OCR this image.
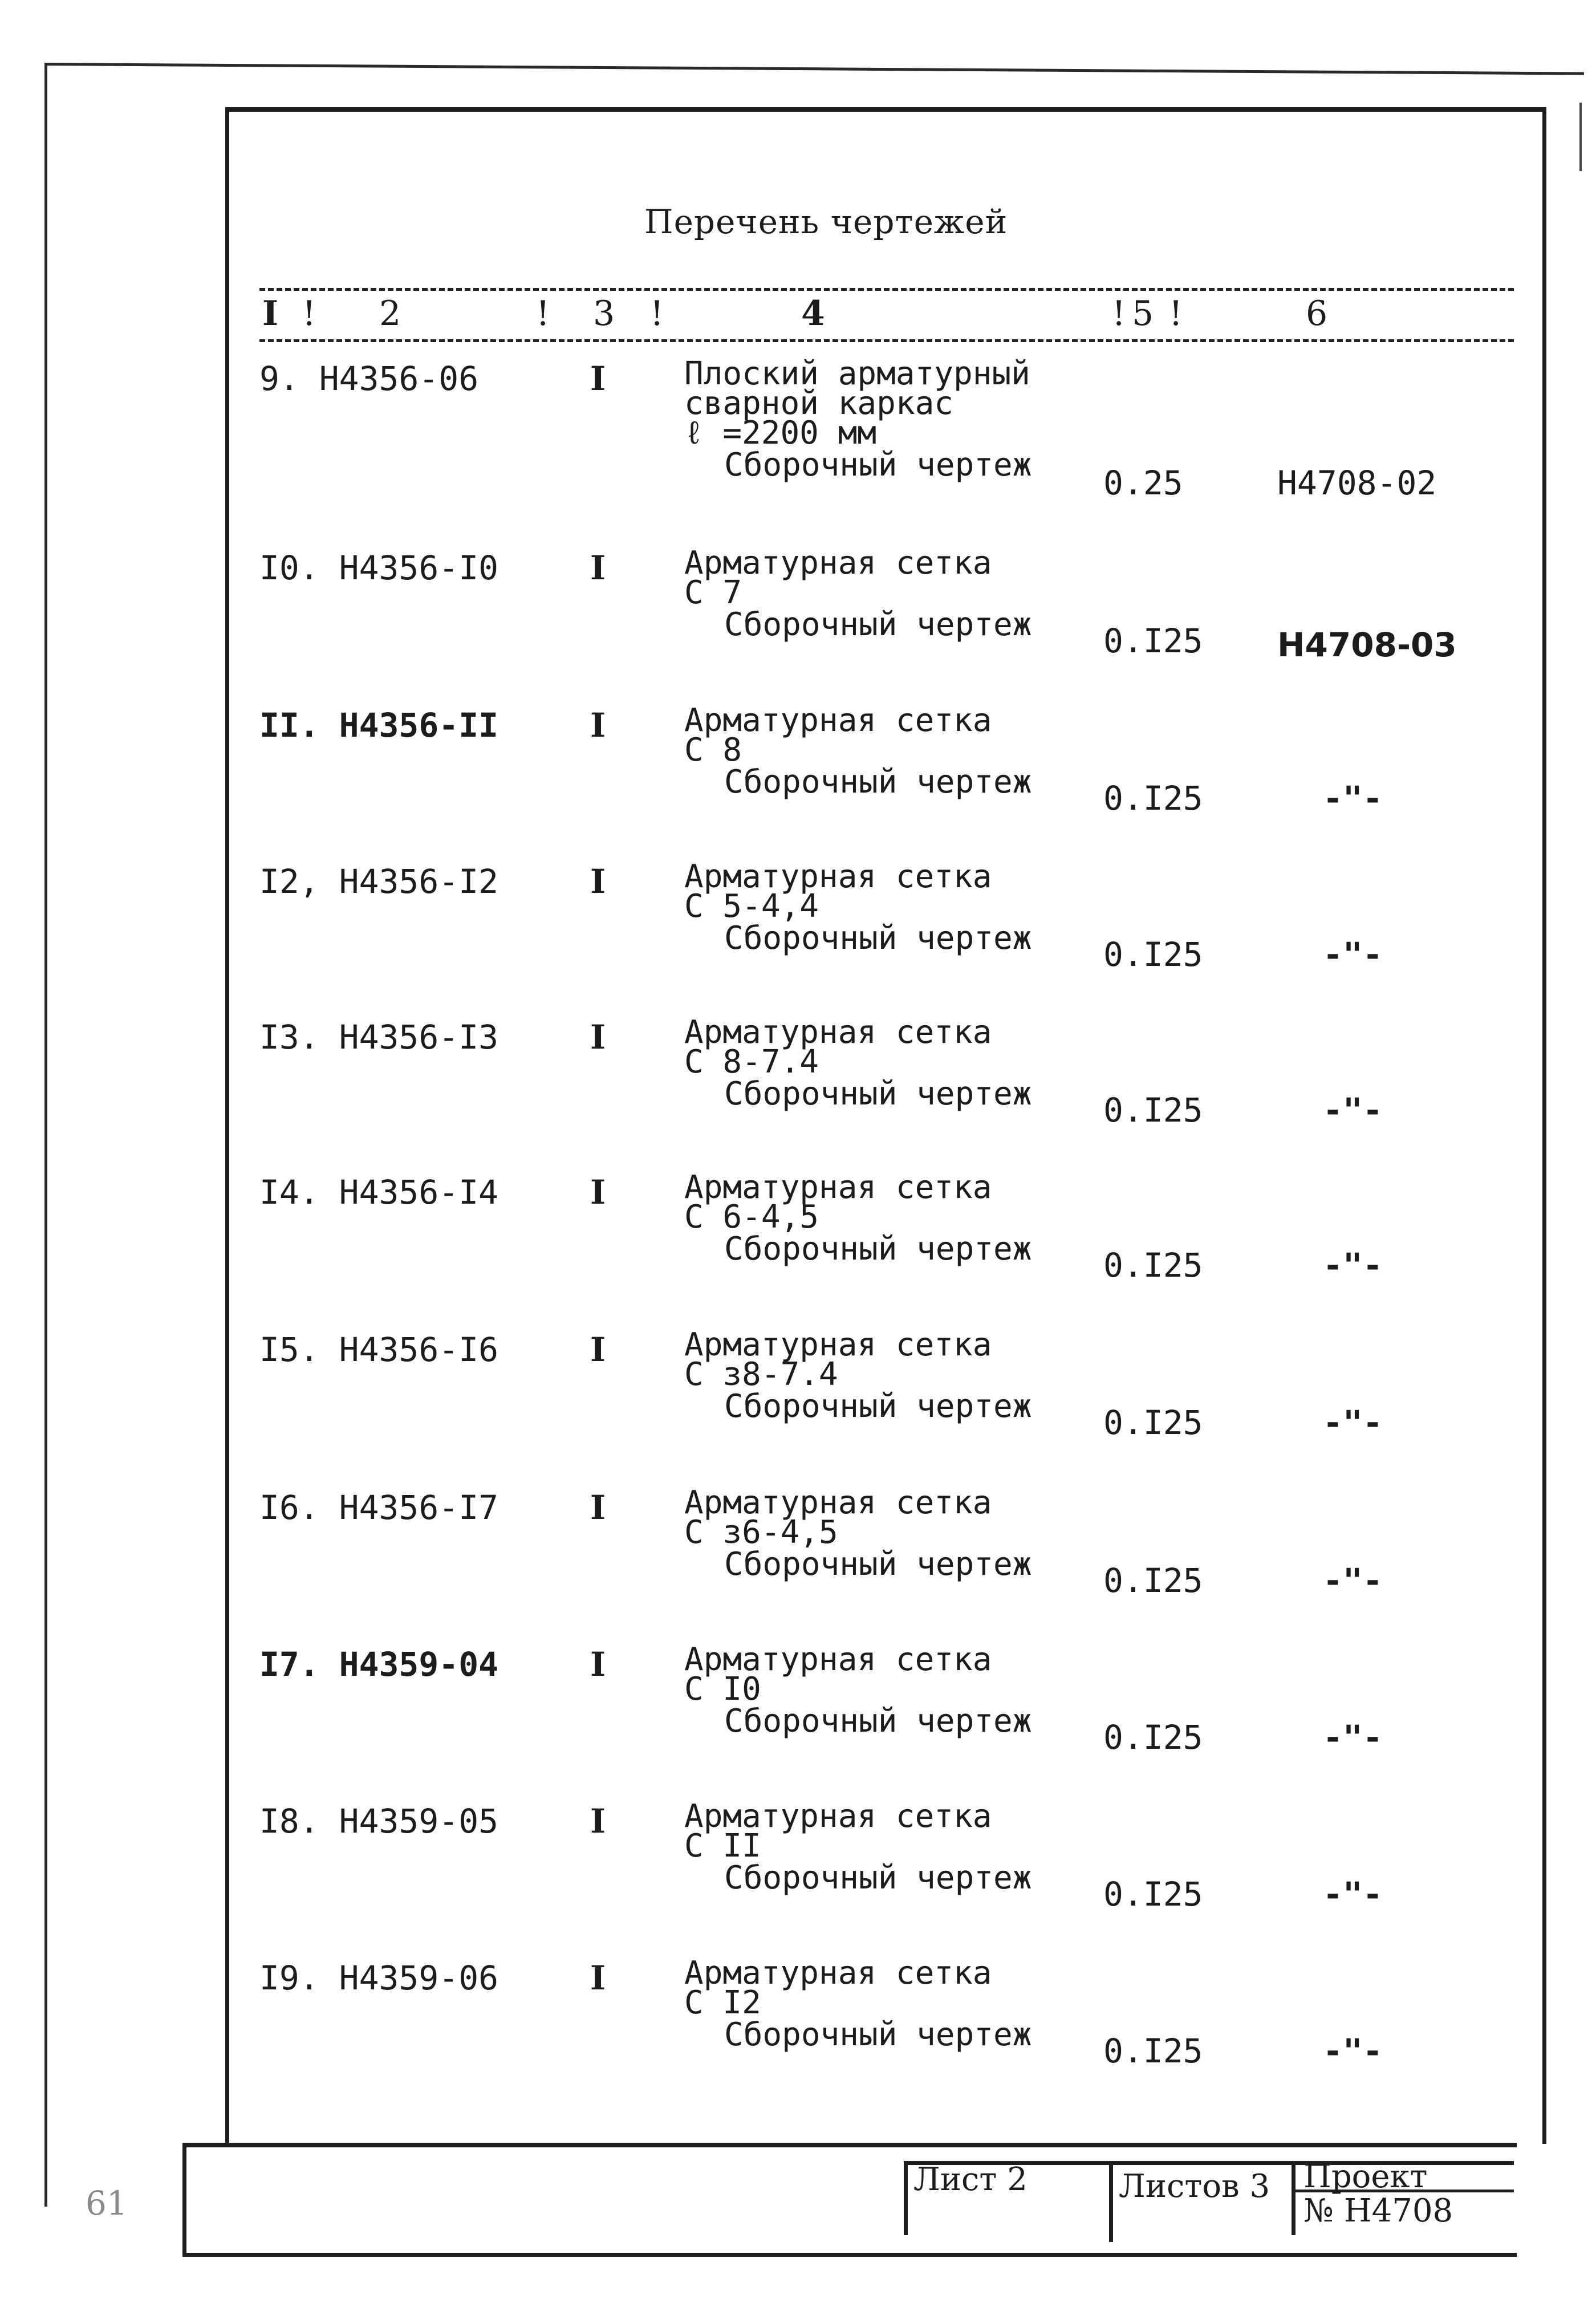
Перечень чертежей
I ! 2	! 3 !	4	! 5 !	6
9. Н4356-06	I Плоский арматурный
сварной каркас
ℓ =2200 мм
Сборочный чертеж 0.25	Н4708-02
I0. Н4356-I0	I Арматурная сетка
С 7
Сборочный чертеж 0.I25 Н4708-03
II. Н4356-II	I Арматурная сетка
С 8
Сборочный чертеж 0.I25	-"-
I2, Н4356-I2	I Арматурная сетка
С 5-4,4
Сборочный чертеж 0.I25	-"-
I3. Н4356-I3	I Арматурная сетка
С 8-7.4
Сборочный чертеж 0.I25	-"-
I4. Н4356-I4	I Арматурная сетка
С 6-4,5
Сборочный чертеж 0.I25	-"-
I5. Н4356-I6	I Арматурная сетка
С з8-7.4
Сборочный чертеж 0.I25	-"-
I6. Н4356-I7	I Арматурная сетка
С з6-4,5
Сборочный чертеж 0.I25	-"-
I7. Н4359-04	I Арматурная сетка
С I0
Сборочный чертеж 0.I25	-"-
I8. Н4359-05	I Арматурная сетка
С II
Сборочный чертеж 0.I25	-"-
I9. Н4359-06	I Арматурная сетка
С I2
Сборочный чертеж 0.I25	-"-
Лист 2	Листов 3	Проект
№ Н4708
61
